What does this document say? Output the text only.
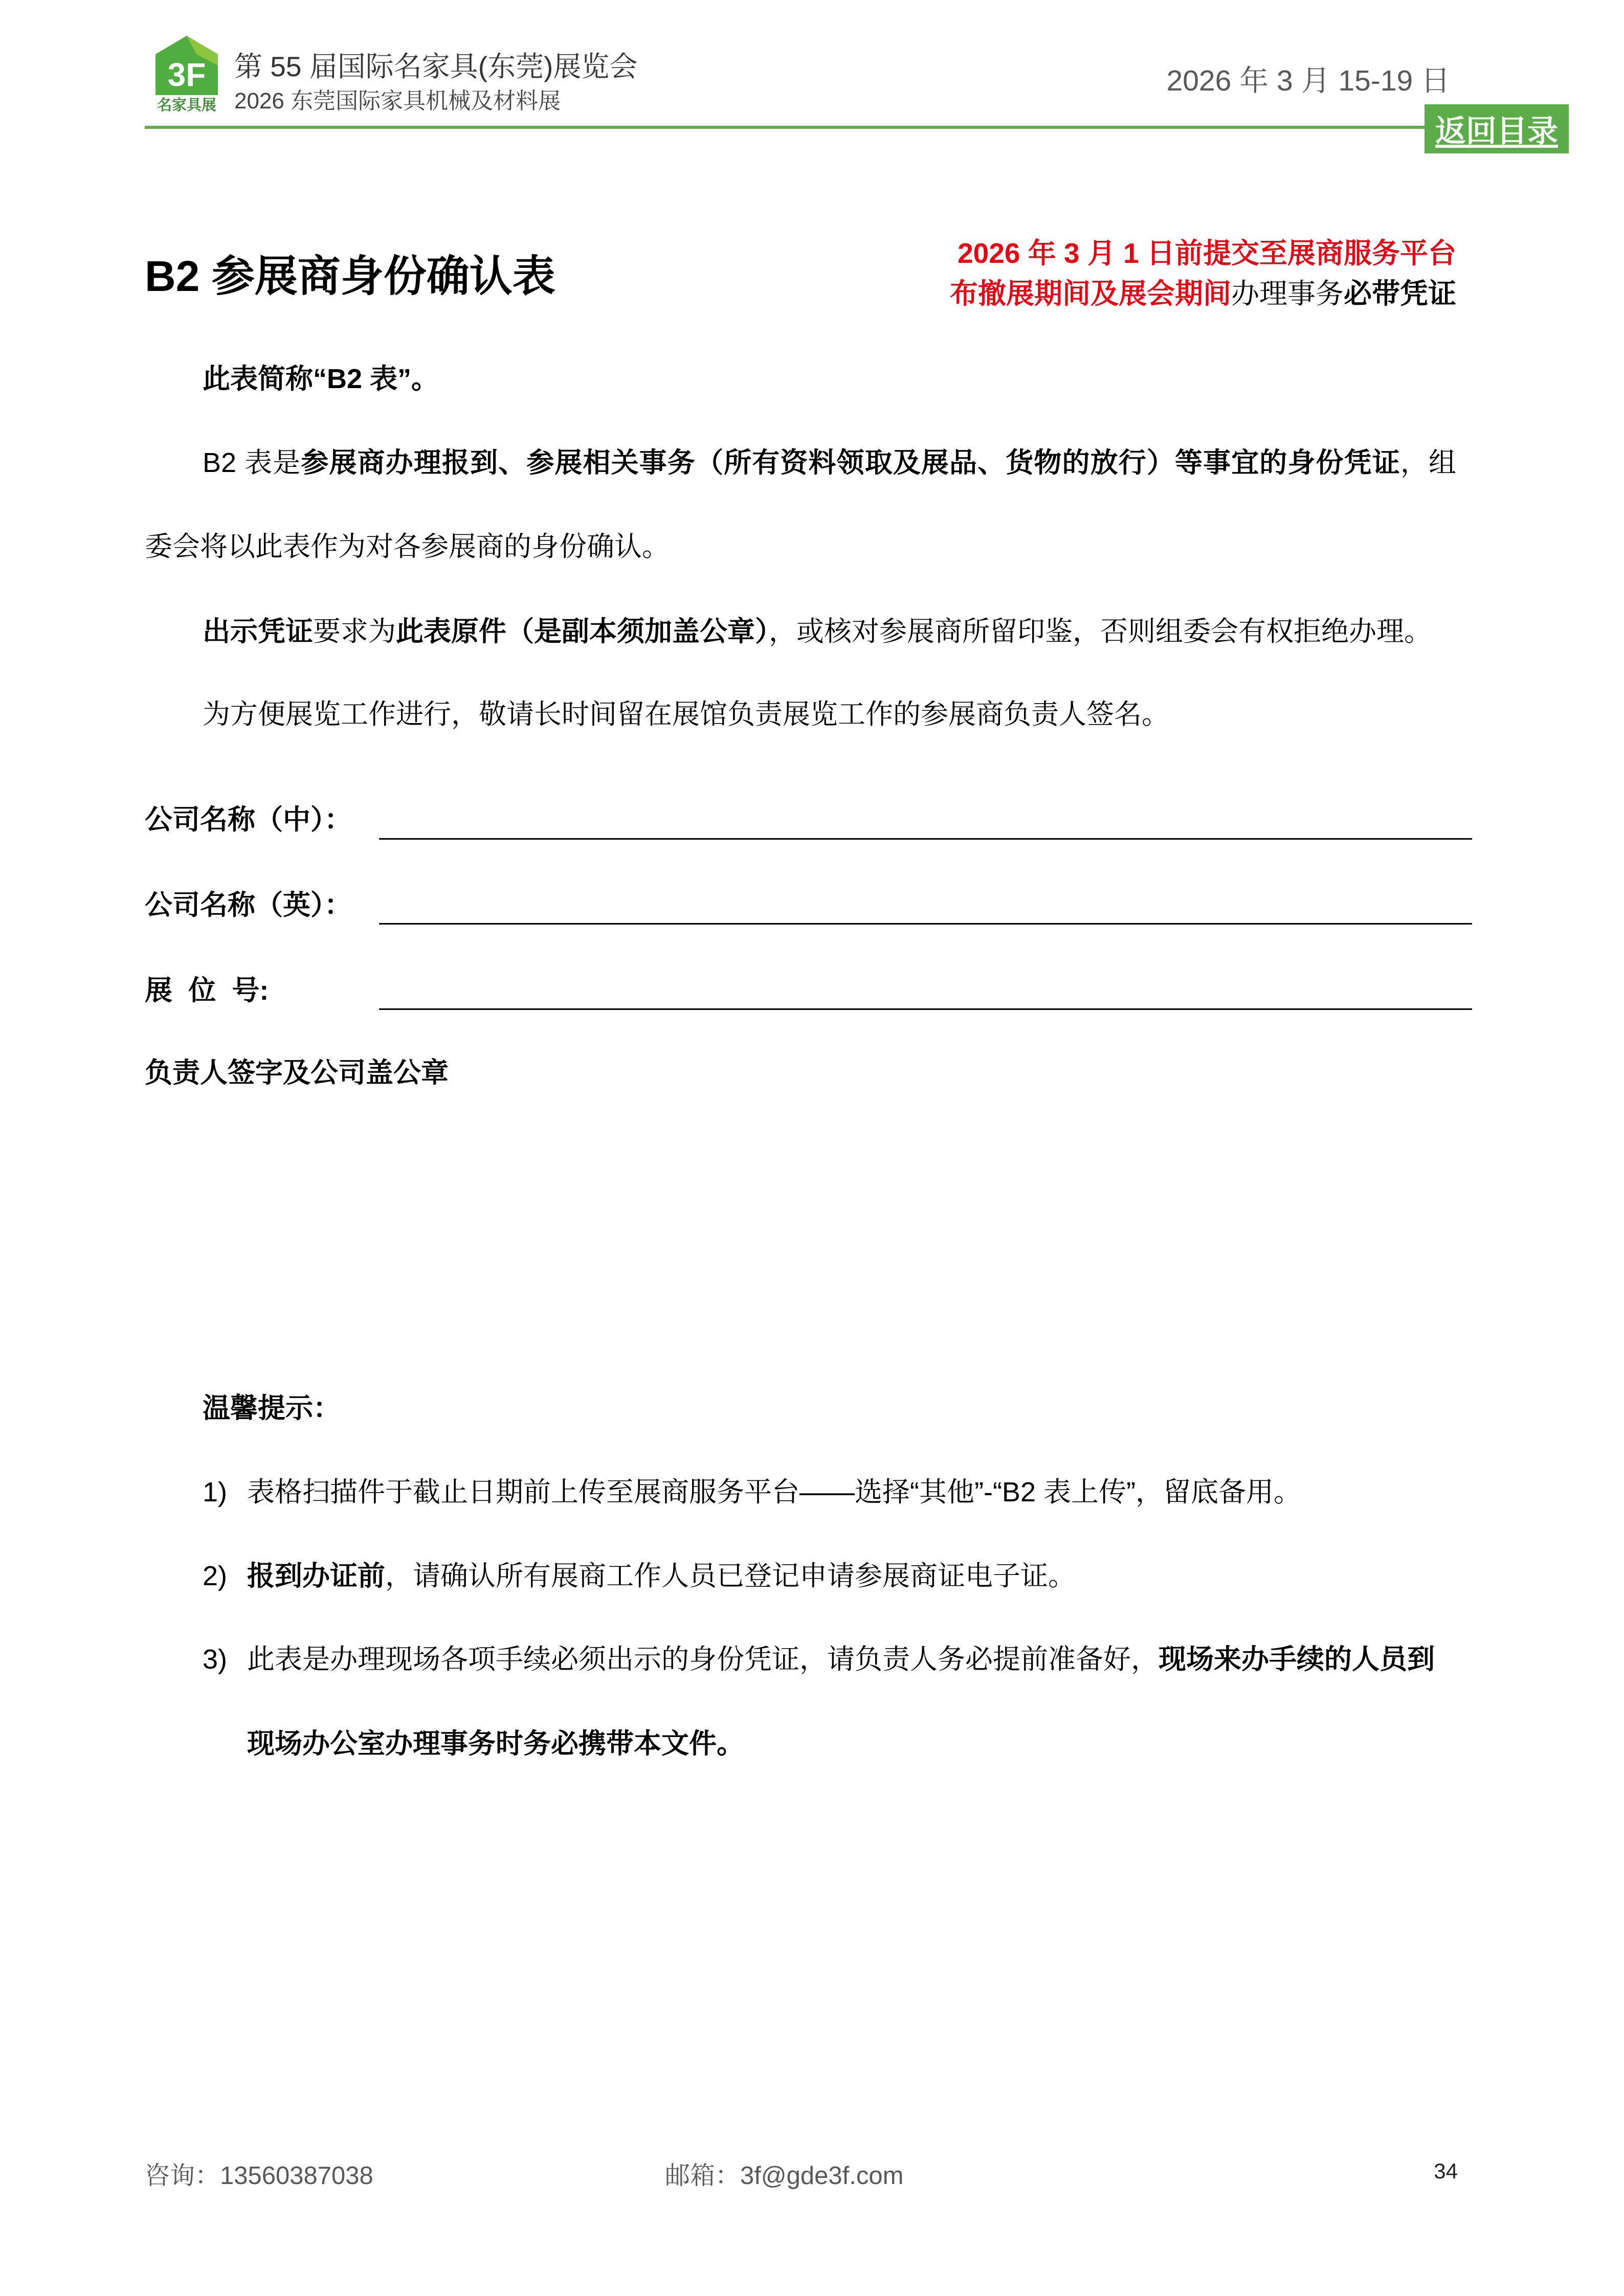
3F
名家具展
第 55 届国际名家具(东莞)展览会
2026 东莞国际家具机械及材料展
2026 年 3 月 15-19 日
返回目录
B2 参展商身份确认表	2026 年 3 月 1 日前提交至展商服务平台
布撤展期间及展会期间办理事务必带凭证
此表简称“B2 表”。
B2 表是参展商办理报到、参展相关事务（所有资料领取及展品、货物的放行）等事宜的身份凭证，组
委会将以此表作为对各参展商的身份确认。
出示凭证要求为此表原件（是副本须加盖公章），或核对参展商所留印鉴，否则组委会有权拒绝办理。
为方便展览工作进行，敬请长时间留在展馆负责展览工作的参展商负责人签名。
公司名称（中）：
公司名称（英）：
展 位 号:
负责人签字及公司盖公章
温馨提示：
1) 表格扫描件于截止日期前上传至展商服务平台——选择“其他”-“B2 表上传”，留底备用。
2) 报到办证前，请确认所有展商工作人员已登记申请参展商证电子证。
3) 此表是办理现场各项手续必须出示的身份凭证，请负责人务必提前准备好，现场来办手续的人员到
现场办公室办理事务时务必携带本文件。
咨询：13560387038	邮箱：3f@gde3f.com	34
